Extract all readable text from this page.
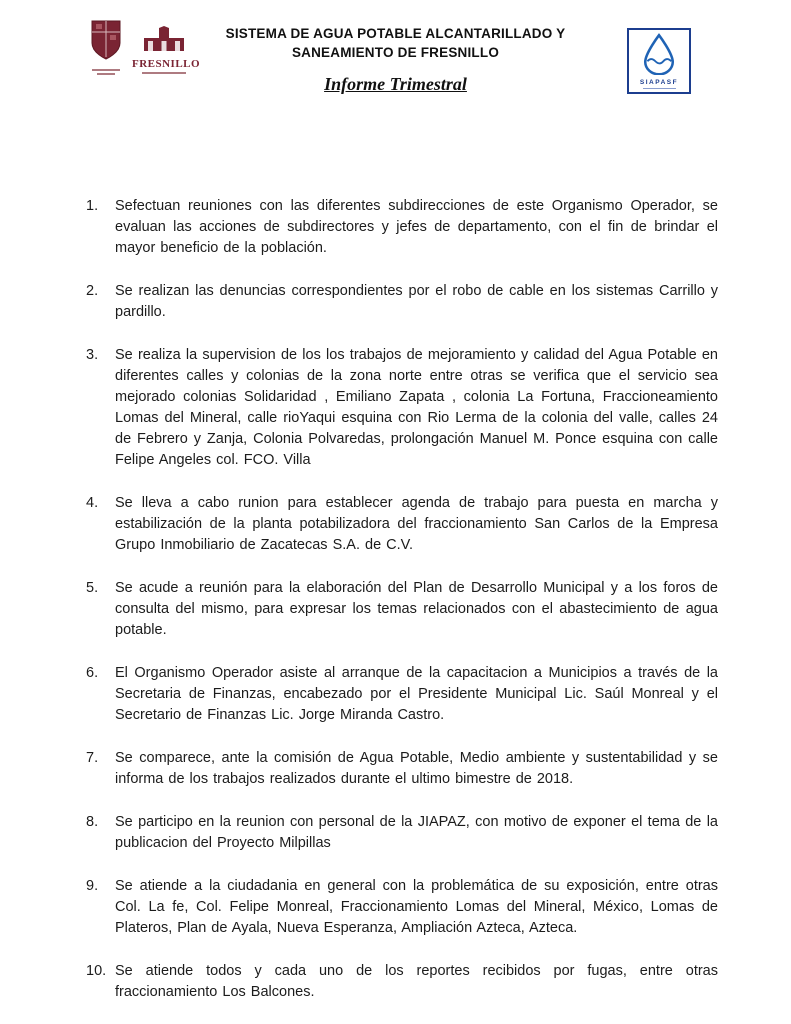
FRESNILLO
SISTEMA DE AGUA POTABLE ALCANTARILLADO Y
SANEAMIENTO DE FRESNILLO
Informe Trimestral	SIAPASF
1.	Sefectuan reuniones con las diferentes subdirecciones de este Organismo Operador, se evaluan las acciones de subdirectores y jefes de departamento, con el fin de brindar el mayor beneficio de la población.

2.	Se realizan las denuncias correspondientes por el robo de cable en los sistemas Carrillo y pardillo.

3.	Se realiza la supervision de los los trabajos de mejoramiento y calidad del Agua Potable en diferentes calles y colonias de la zona norte entre otras se verifica que el servicio sea mejorado colonias Solidaridad , Emiliano Zapata , colonia La Fortuna, Fraccioneamiento Lomas del Mineral, calle rioYaqui esquina con Rio Lerma de la colonia del valle, calles 24 de Febrero y Zanja, Colonia Polvaredas, prolongación Manuel M. Ponce esquina con calle Felipe Angeles col. FCO. Villa

4.	Se lleva a cabo runion para establecer agenda de trabajo para puesta en marcha y estabilización de la planta potabilizadora del fraccionamiento San Carlos de la Empresa Grupo Inmobiliario de Zacatecas S.A. de C.V.

5.	Se acude a reunión para la elaboración del Plan de Desarrollo Municipal y a los foros de consulta del mismo, para expresar los temas relacionados con el abastecimiento de agua potable.

6.	El Organismo Operador asiste al arranque de la capacitacion a Municipios a través de la Secretaria de Finanzas, encabezado por el Presidente Municipal Lic. Saúl Monreal y el Secretario de Finanzas Lic. Jorge Miranda Castro.

7.	Se comparece, ante la comisión de Agua Potable, Medio ambiente y sustentabilidad y se informa de los trabajos realizados durante el ultimo bimestre de 2018.

8.	Se participo en la reunion con personal de la JIAPAZ, con motivo de exponer el tema de la publicacion del Proyecto Milpillas

9.	Se atiende a la ciudadania en general con la problemática de su exposición, entre otras Col. La fe, Col. Felipe Monreal, Fraccionamiento Lomas del Mineral, México, Lomas de Plateros, Plan de Ayala, Nueva Esperanza, Ampliación Azteca, Azteca.

10. Se atiende todos y cada uno de los reportes recibidos por fugas, entre otras fraccionamiento Los Balcones.
